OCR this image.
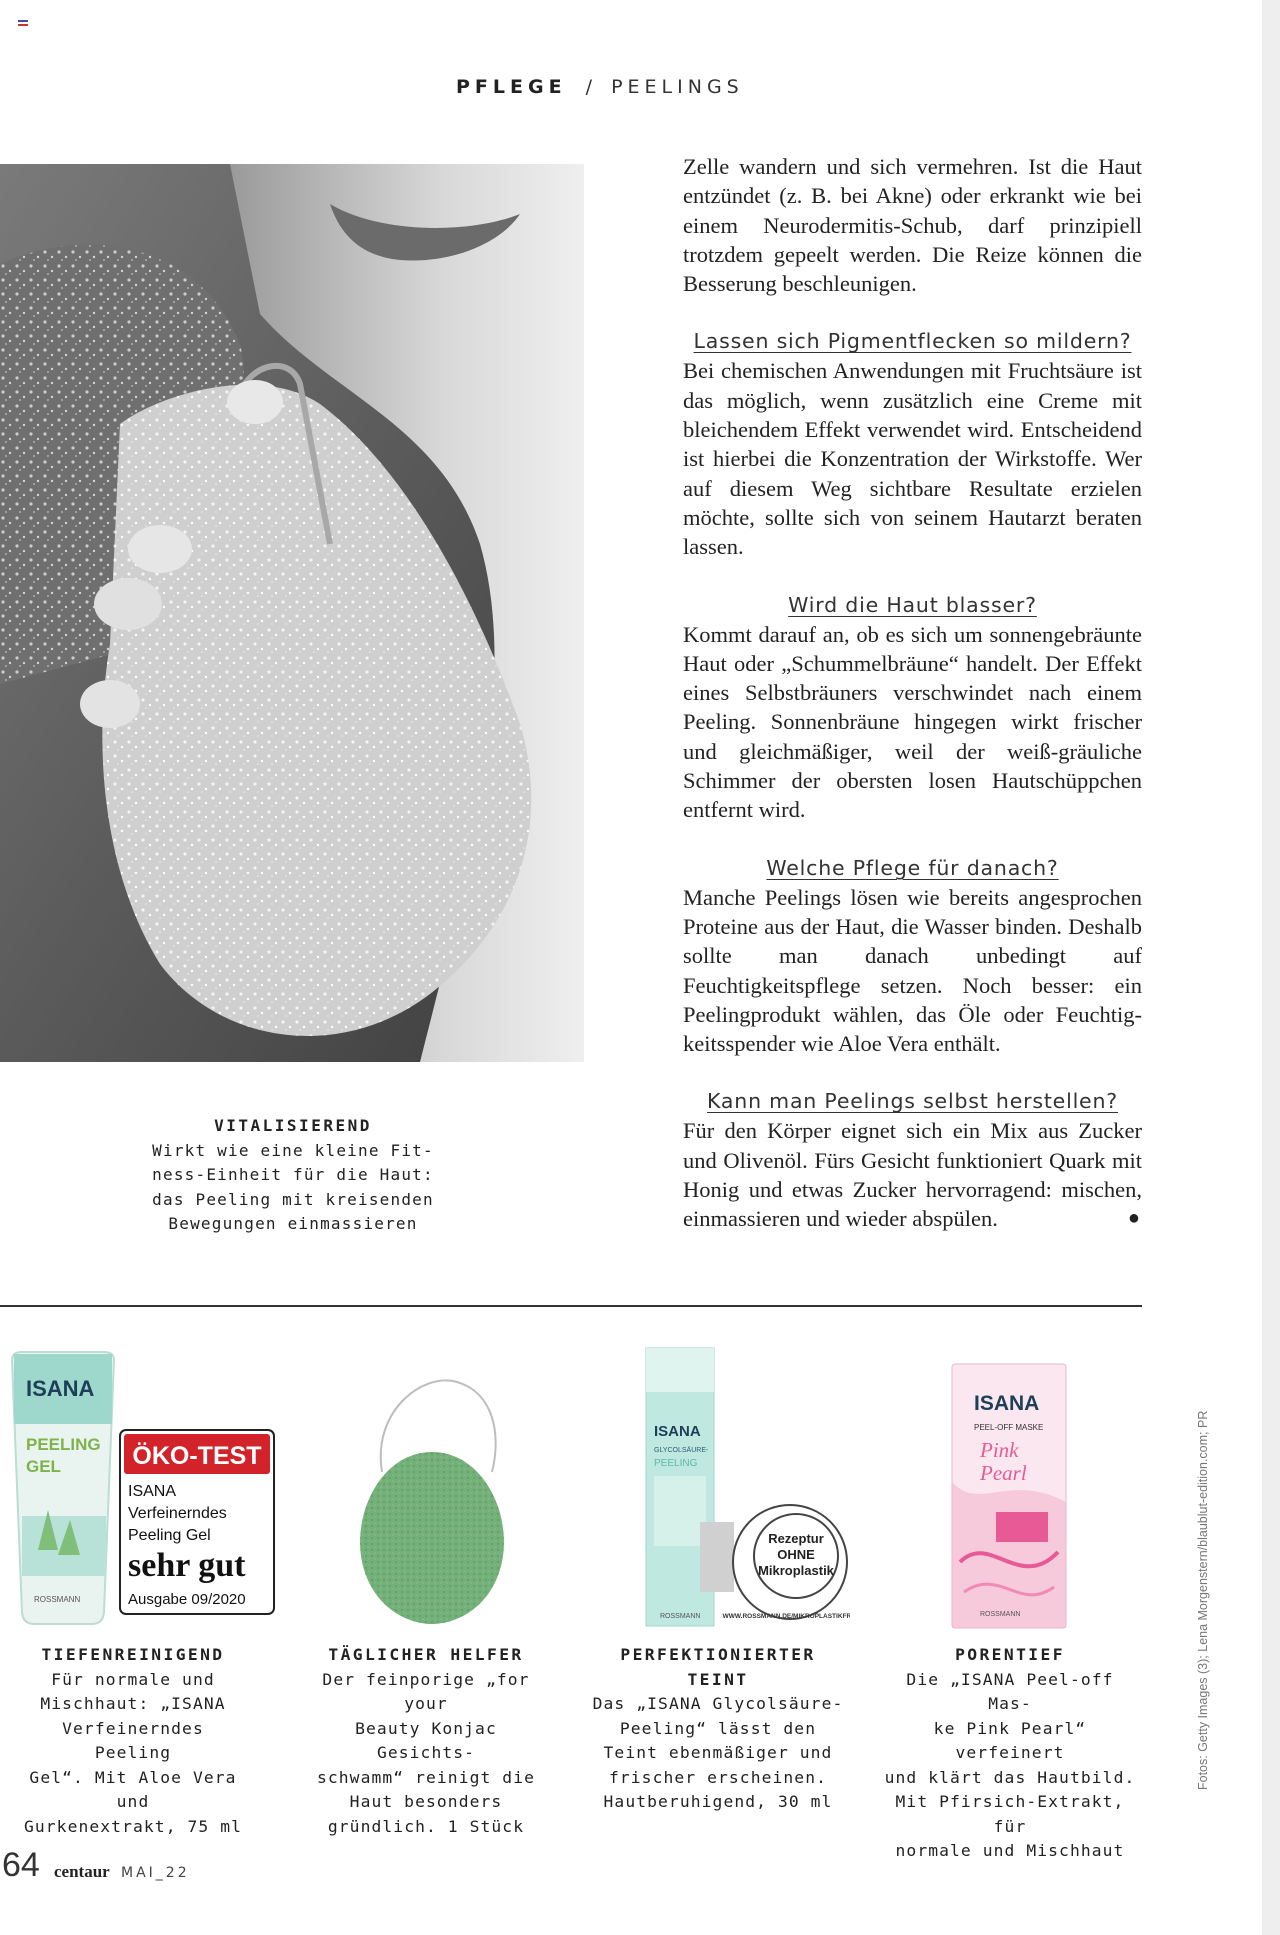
PFLEGE / PEELINGS
VITALISIEREND
Wirkt wie eine kleine Fit-
ness-Einheit für die Haut:
das Peeling mit kreisenden
Bewegungen einmassieren

Zelle wandern und sich vermehren. Ist die Haut entzündet (z. B. bei Akne) oder erkrankt wie bei einem Neurodermitis-Schub, darf prinzipiell trotzdem gepeelt werden. Die Reize können die Besserung beschleunigen.

Lassen sich Pigmentflecken so mildern?

Bei chemischen Anwendungen mit Fruchtsäure ist das möglich, wenn zusätzlich eine Creme mit bleichendem Effekt verwendet wird. Entscheidend ist hierbei die Konzentration der Wirkstoffe. Wer auf diesem Weg sichtbare Resultate erzielen möchte, sollte sich von seinem Hautarzt beraten lassen.

Wird die Haut blasser?

Kommt darauf an, ob es sich um sonnengebräunte Haut oder „Schummelbräune“ handelt. Der Effekt eines Selbstbräuners verschwindet nach einem Peeling. Sonnenbräune hingegen wirkt frischer und gleichmäßiger, weil der weiß-gräuliche Schimmer der obersten losen Hautschüppchen entfernt wird.

Welche Pflege für danach?

Manche Peelings lösen wie bereits angesprochen Proteine aus der Haut, die Wasser binden. Deshalb sollte man danach unbedingt auf Feuchtigkeitspflege setzen. Noch besser: ein Peelingprodukt wählen, das Öle oder Feuchtigkeitsspender wie Aloe Vera enthält.

Kann man Peelings selbst herstellen?

Für den Körper eignet sich ein Mix aus Zucker und Olivenöl. Fürs Gesicht funktioniert Quark mit Honig und etwas Zucker hervorragend: mischen, einmassieren und wieder abspülen.	●

ISANA
PEELING
GEL
ROSSMANN
ÖKO-TEST
ISANA
Verfeinerndes
Peeling Gel
sehr gut
Ausgabe 09/2020
TIEFENREINIGEND
Für normale und
Mischhaut: „ISANA
Verfeinerndes Peeling
Gel“. Mit Aloe Vera und
Gurkenextrakt, 75 ml
TÄGLICHER HELFER
Der feinporige „for your
Beauty Konjac Gesichts-
schwamm“ reinigt die
Haut besonders
gründlich. 1 Stück
ISANA
GLYCOLSÄURE-
PEELING
ROSSMANN
Rezeptur
OHNE
Mikroplastik
WWW.ROSSMANN.DE/MIKROPLASTIKFREI
PERFEKTIONIERTER TEINT
Das „ISANA Glycolsäure-
Peeling“ lässt den
Teint ebenmäßiger und
frischer erscheinen.
Hautberuhigend, 30 ml
ISANA
PEEL-OFF MASKE
Pink
Pearl
ROSSMANN
PORENTIEF
Die „ISANA Peel-off Mas-
ke Pink Pearl“ verfeinert
und klärt das Hautbild.
Mit Pfirsich-Extrakt, für
normale und Mischhaut
Fotos: Getty Images (3); Lena Morgenstern/blaublut-edition.com; PR
64 centaur MAI_22
